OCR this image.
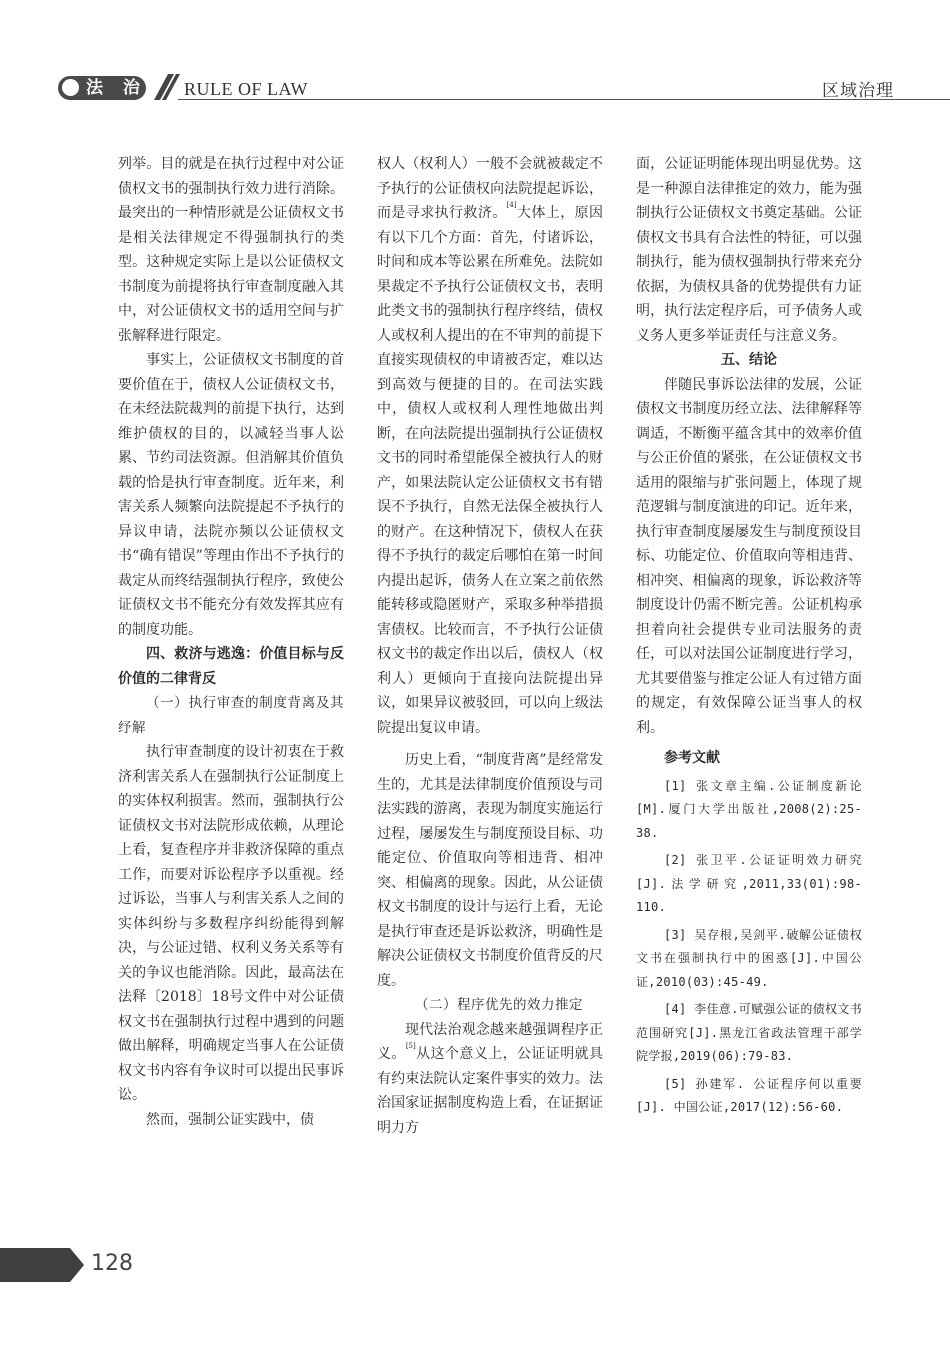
法 治 RULE OF LAW	区域治理

列举。目的就是在执行过程中对公证债权文书的强制执行效力进行消除。最突出的一种情形就是公证债权文书是相关法律规定不得强制执行的类型。这种规定实际上是以公证债权文书制度为前提将执行审查制度融入其中，对公证债权文书的适用空间与扩张解释进行限定。

事实上，公证债权文书制度的首要价值在于，债权人公证债权文书，在未经法院裁判的前提下执行，达到维护债权的目的，以减轻当事人讼累、节约司法资源。但消解其价值负载的恰是执行审查制度。近年来，利害关系人频繁向法院提起不予执行的异议申请，法院亦频以公证债权文书“确有错误”等理由作出不予执行的裁定从而终结强制执行程序，致使公证债权文书不能充分有效发挥其应有的制度功能。

四、救济与逃逸：价值目标与反价值的二律背反

（一）执行审查的制度背离及其纾解

执行审查制度的设计初衷在于救济利害关系人在强制执行公证制度上的实体权利损害。然而，强制执行公证债权文书对法院形成依赖，从理论上看，复查程序并非救济保障的重点工作，而要对诉讼程序予以重视。经过诉讼，当事人与利害关系人之间的实体纠纷与多数程序纠纷能得到解决，与公证过错、权利义务关系等有关的争议也能消除。因此，最高法在法释〔2018〕18号文件中对公证债权文书在强制执行过程中遇到的问题做出解释，明确规定当事人在公证债权文书内容有争议时可以提出民事诉讼。

然而，强制公证实践中，债

权人（权利人）一般不会就被裁定不予执行的公证债权向法院提起诉讼，而是寻求执行救济。[4]大体上，原因有以下几个方面：首先，付诸诉讼，时间和成本等讼累在所难免。法院如果裁定不予执行公证债权文书，表明此类文书的强制执行程序终结，债权人或权利人提出的在不审判的前提下直接实现债权的申请被否定，难以达到高效与便捷的目的。在司法实践中，债权人或权利人理性地做出判断，在向法院提出强制执行公证债权文书的同时希望能保全被执行人的财产，如果法院认定公证债权文书有错误不予执行，自然无法保全被执行人的财产。在这种情况下，债权人在获得不予执行的裁定后哪怕在第一时间内提出起诉，债务人在立案之前依然能转移或隐匿财产，采取多种举措损害债权。比较而言，不予执行公证债权文书的裁定作出以后，债权人（权利人）更倾向于直接向法院提出异议，如果异议被驳回，可以向上级法院提出复议申请。

历史上看，“制度背离”是经常发生的，尤其是法律制度价值预设与司法实践的游离，表现为制度实施运行过程，屡屡发生与制度预设目标、功能定位、价值取向等相违背、相冲突、相偏离的现象。因此，从公证债权文书制度的设计与运行上看，无论是执行审查还是诉讼救济，明确性是解决公证债权文书制度价值背反的尺度。

（二）程序优先的效力推定

现代法治观念越来越强调程序正义。[5]从这个意义上，公证证明就具有约束法院认定案件事实的效力。法治国家证据制度构造上看，在证据证明力方

面，公证证明能体现出明显优势。这是一种源自法律推定的效力，能为强制执行公证债权文书奠定基础。公证债权文书具有合法性的特征，可以强制执行，能为债权强制执行带来充分依据，为债权具备的优势提供有力证明，执行法定程序后，可予债务人或义务人更多举证责任与注意义务。

五、结论

伴随民事诉讼法律的发展，公证债权文书制度历经立法、法律解释等调适，不断衡平蕴含其中的效率价值与公正价值的紧张，在公证债权文书适用的限缩与扩张问题上，体现了规范逻辑与制度演进的印记。近年来，执行审查制度屡屡发生与制度预设目标、功能定位、价值取向等相违背、相冲突、相偏离的现象，诉讼救济等制度设计仍需不断完善。公证机构承担着向社会提供专业司法服务的责任，可以对法国公证制度进行学习，尤其要借鉴与推定公证人有过错方面的规定，有效保障公证当事人的权利。

参考文献

[1] 张文章主编.公证制度新论[M].厦门大学出版社,2008(2):25-38.

[2] 张卫平.公证证明效力研究[J].法学研究,2011,33(01):98-110.

[3] 吴存根,吴剑平.破解公证债权文书在强制执行中的困惑[J].中国公证,2010(03):45-49.

[4] 李佳意.可赋强公证的债权文书范围研究[J].黑龙江省政法管理干部学院学报,2019(06):79-83.

[5] 孙建军. 公证程序何以重要[J]. 中国公证,2017(12):56-60.

128
